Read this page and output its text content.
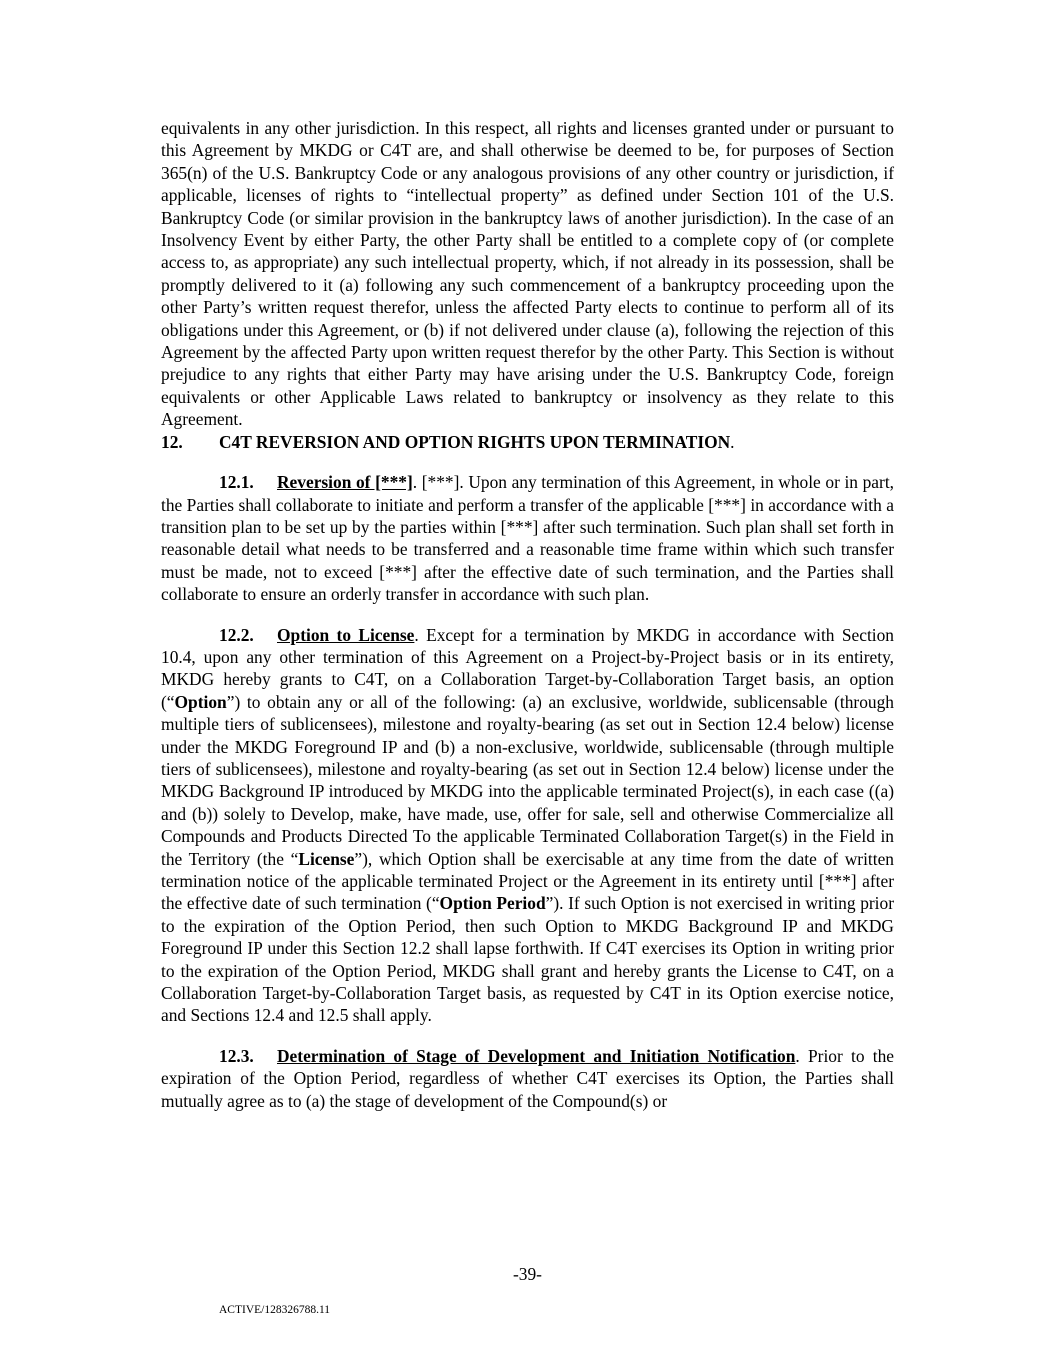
equivalents in any other jurisdiction. In this respect, all rights and licenses granted under or pursuant to this Agreement by MKDG or C4T are, and shall otherwise be deemed to be, for purposes of Section 365(n) of the U.S. Bankruptcy Code or any analogous provisions of any other country or jurisdiction, if applicable, licenses of rights to “intellectual property” as defined under Section 101 of the U.S. Bankruptcy Code (or similar provision in the bankruptcy laws of another jurisdiction). In the case of an Insolvency Event by either Party, the other Party shall be entitled to a complete copy of (or complete access to, as appropriate) any such intellectual property, which, if not already in its possession, shall be promptly delivered to it (a) following any such commencement of a bankruptcy proceeding upon the other Party’s written request therefor, unless the affected Party elects to continue to perform all of its obligations under this Agreement, or (b) if not delivered under clause (a), following the rejection of this Agreement by the affected Party upon written request therefor by the other Party. This Section is without prejudice to any rights that either Party may have arising under the U.S. Bankruptcy Code, foreign equivalents or other Applicable Laws related to bankruptcy or insolvency as they relate to this Agreement.

12. C4T REVERSION AND OPTION RIGHTS UPON TERMINATION.

12.1. Reversion of [***]. [***]. Upon any termination of this Agreement, in whole or in part, the Parties shall collaborate to initiate and perform a transfer of the applicable [***] in accordance with a transition plan to be set up by the parties within [***] after such termination. Such plan shall set forth in reasonable detail what needs to be transferred and a reasonable time frame within which such transfer must be made, not to exceed [***] after the effective date of such termination, and the Parties shall collaborate to ensure an orderly transfer in accordance with such plan.

12.2. Option to License. Except for a termination by MKDG in accordance with Section 10.4, upon any other termination of this Agreement on a Project-by-Project basis or in its entirety, MKDG hereby grants to C4T, on a Collaboration Target-by-Collaboration Target basis, an option (“Option”) to obtain any or all of the following: (a) an exclusive, worldwide, sublicensable (through multiple tiers of sublicensees), milestone and royalty-bearing (as set out in Section 12.4 below) license under the MKDG Foreground IP and (b) a non-exclusive, worldwide, sublicensable (through multiple tiers of sublicensees), milestone and royalty-bearing (as set out in Section 12.4 below) license under the MKDG Background IP introduced by MKDG into the applicable terminated Project(s), in each case ((a) and (b)) solely to Develop, make, have made, use, offer for sale, sell and otherwise Commercialize all Compounds and Products Directed To the applicable Terminated Collaboration Target(s) in the Field in the Territory (the “License”), which Option shall be exercisable at any time from the date of written termination notice of the applicable terminated Project or the Agreement in its entirety until [***] after the effective date of such termination (“Option Period”). If such Option is not exercised in writing prior to the expiration of the Option Period, then such Option to MKDG Background IP and MKDG Foreground IP under this Section 12.2 shall lapse forthwith. If C4T exercises its Option in writing prior to the expiration of the Option Period, MKDG shall grant and hereby grants the License to C4T, on a Collaboration Target-by-Collaboration Target basis, as requested by C4T in its Option exercise notice, and Sections 12.4 and 12.5 shall apply.

12.3. Determination of Stage of Development and Initiation Notification. Prior to the expiration of the Option Period, regardless of whether C4T exercises its Option, the Parties shall mutually agree as to (a) the stage of development of the Compound(s) or

-39-
ACTIVE/128326788.11
